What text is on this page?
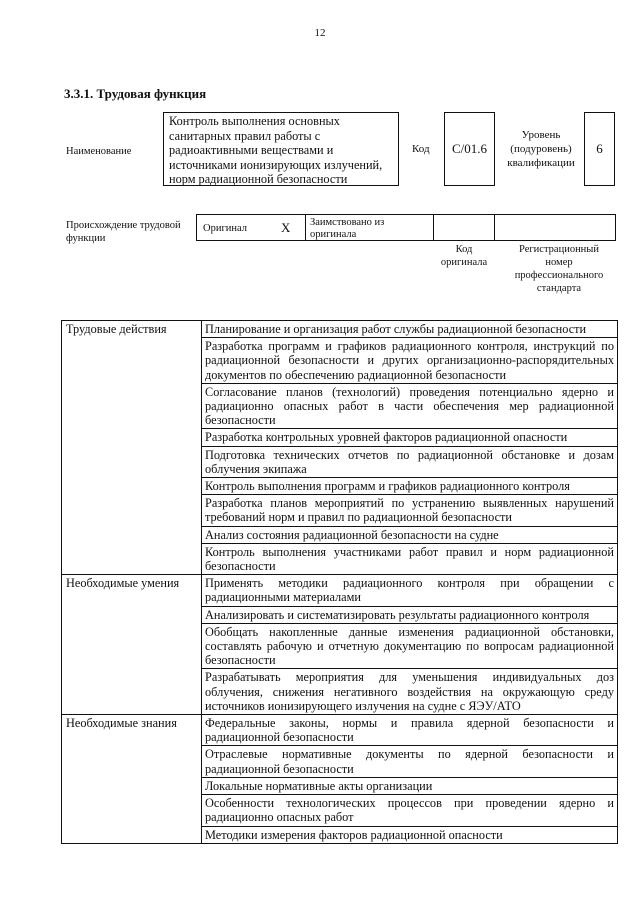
12
3.3.1. Трудовая функция
Наименование
Контроль выполнения основных санитарных правил работы с радиоактивными веществами и источниками ионизирующих излучений, норм радиационной безопасности
Код	C/01.6
Уровень (подуровень) квалификации
6
Происхождение трудовой функции
Оригинал	X Заимствовано из оригинала
Код оригинала
Регистрационный номер профессионального стандарта
Трудовые действия	Планирование и организация работ службы радиационной безопасности
	Разработка программ и графиков радиационного контроля, инструкций по радиационной безопасности и других организационно-распорядительных документов по обеспечению радиационной безопасности
	Согласование планов (технологий) проведения потенциально ядерно и радиационно опасных работ в части обеспечения мер радиационной безопасности
	Разработка контрольных уровней факторов радиационной опасности
	Подготовка технических отчетов по радиационной обстановке и дозам облучения экипажа
	Контроль выполнения программ и графиков радиационного контроля
	Разработка планов мероприятий по устранению выявленных нарушений требований норм и правил по радиационной безопасности
	Анализ состояния радиационной безопасности на судне
	Контроль выполнения участниками работ правил и норм радиационной безопасности
Необходимые умения	Применять методики радиационного контроля при обращении с радиационными материалами
	Анализировать и систематизировать результаты радиационного контроля
	Обобщать накопленные данные изменения радиационной обстановки, составлять рабочую и отчетную документацию по вопросам радиационной безопасности
	Разрабатывать мероприятия для уменьшения индивидуальных доз облучения, снижения негативного воздействия на окружающую среду источников ионизирующего излучения на судне с ЯЭУ/АТО
Необходимые знания	Федеральные законы, нормы и правила ядерной безопасности и радиационной безопасности
	Отраслевые нормативные документы по ядерной безопасности и радиационной безопасности
	Локальные нормативные акты организации
	Особенности технологических процессов при проведении ядерно и радиационно опасных работ
	Методики измерения факторов радиационной опасности
